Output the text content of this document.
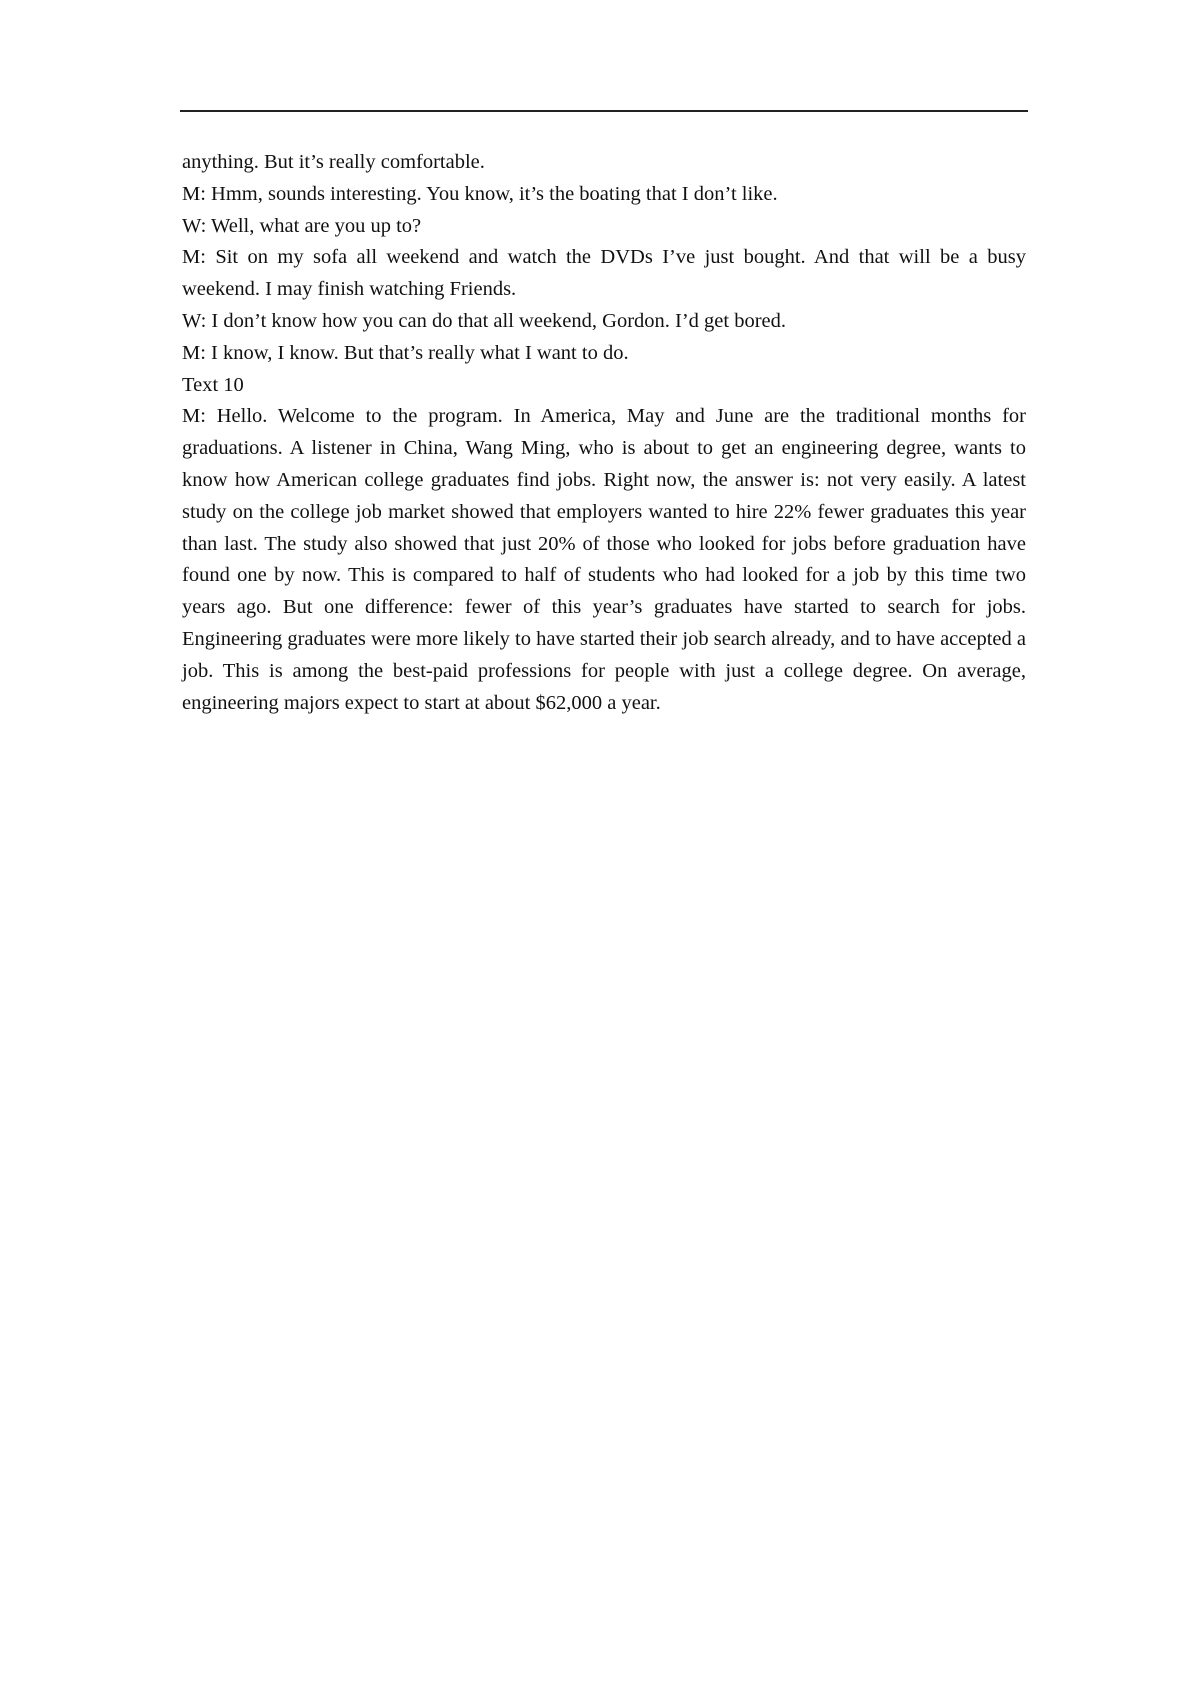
anything. But it’s really comfortable.

M: Hmm, sounds interesting. You know, it’s the boating that I don’t like.

W: Well, what are you up to?

M: Sit on my sofa all weekend and watch the DVDs I’ve just bought. And that will be a busy weekend. I may finish watching Friends.

W: I don’t know how you can do that all weekend, Gordon. I’d get bored.

M: I know, I know. But that’s really what I want to do.

Text 10

M: Hello. Welcome to the program. In America, May and June are the traditional months for graduations. A listener in China, Wang Ming, who is about to get an engineering degree, wants to know how American college graduates find jobs. Right now, the answer is: not very easily. A latest study on the college job market showed that employers wanted to hire 22% fewer graduates this year than last. The study also showed that just 20% of those who looked for jobs before graduation have found one by now. This is compared to half of students who had looked for a job by this time two years ago. But one difference: fewer of this year’s graduates have started to search for jobs. Engineering graduates were more likely to have started their job search already, and to have accepted a job. This is among the best-paid professions for people with just a college degree. On average, engineering majors expect to start at about $62,000 a year.
